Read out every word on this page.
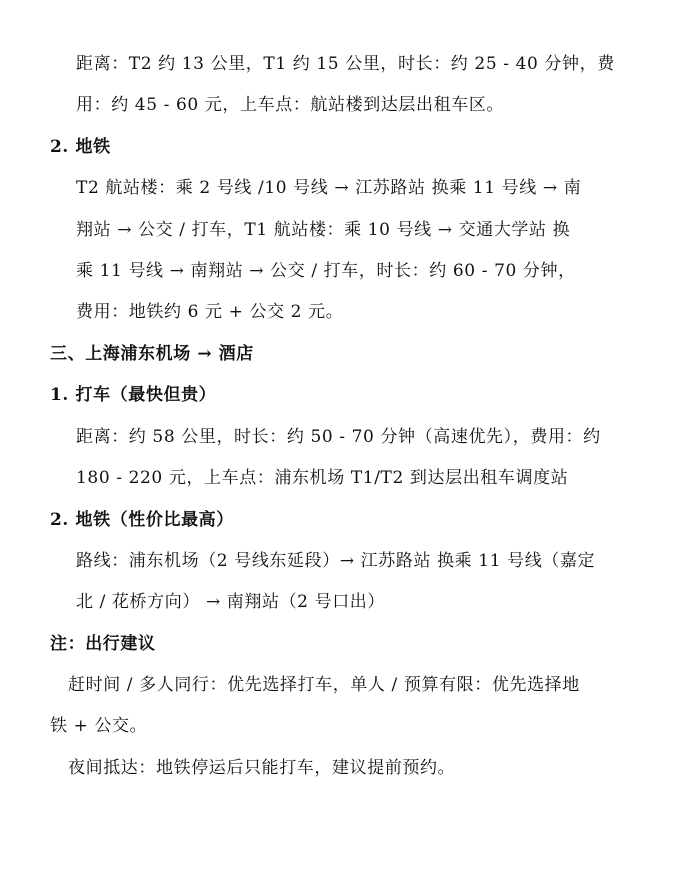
距离：T2 约 13 公里，T1 约 15 公里，时长：约 25 - 40 分钟，费
用：约 45 - 60 元，上车点：航站楼到达层出租车区。
2. 地铁
T2 航站楼：乘 2 号线 /10 号线 → 江苏路站 换乘 11 号线 → 南
翔站 → 公交 / 打车，T1 航站楼：乘 10 号线 → 交通大学站 换
乘 11 号线 → 南翔站 → 公交 / 打车，时长：约 60 - 70 分钟，
费用：地铁约 6 元 + 公交 2 元。
三、上海浦东机场 → 酒店
1. 打车（最快但贵）
距离：约 58 公里，时长：约 50 - 70 分钟（高速优先），费用：约
180 - 220 元，上车点：浦东机场 T1/T2 到达层出租车调度站
2. 地铁（性价比最高）
路线：浦东机场（2 号线东延段）→ 江苏路站 换乘 11 号线（嘉定
北 / 花桥方向） → 南翔站（2 号口出）
注：出行建议
赶时间 / 多人同行：优先选择打车，单人 / 预算有限：优先选择地
铁 + 公交。
夜间抵达：地铁停运后只能打车，建议提前预约。
